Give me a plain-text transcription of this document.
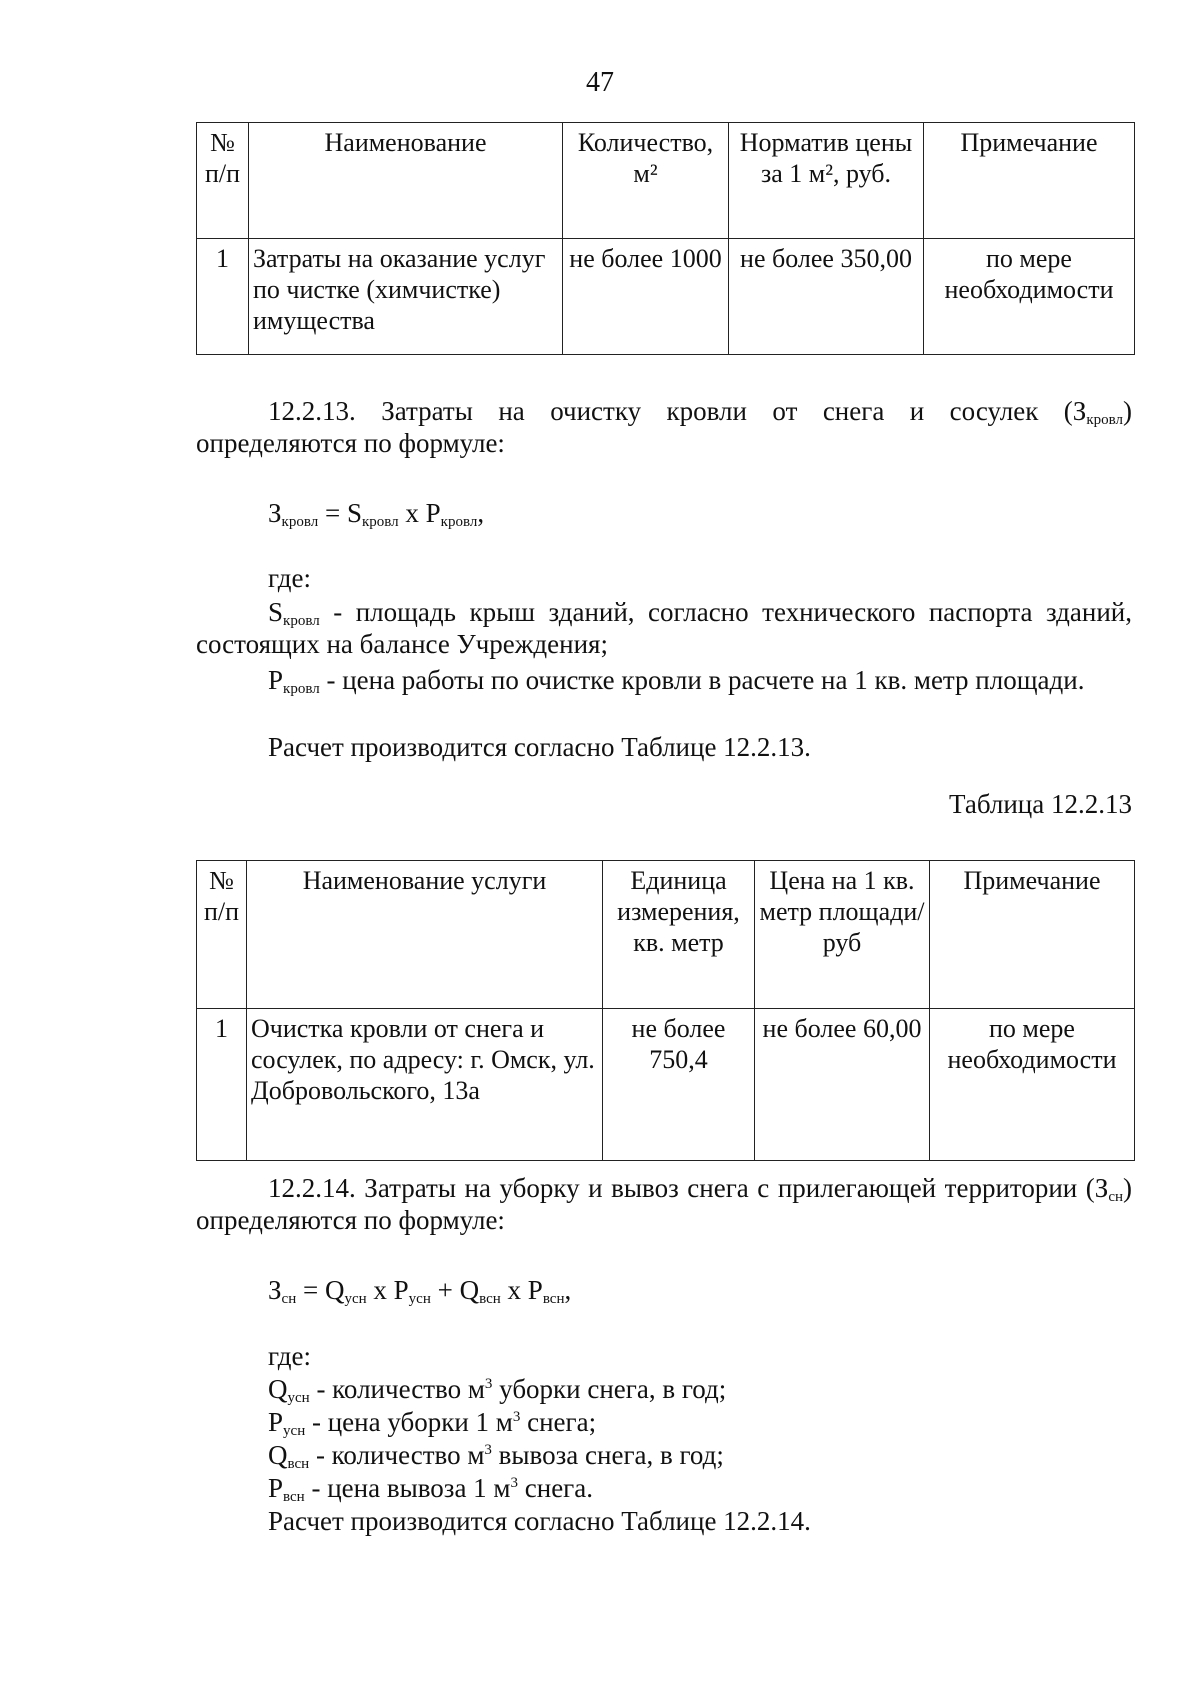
47
№ п/п	Наименование	Количество, м²	Норматив цены за 1 м², руб.	Примечание
1	Затраты на оказание услуг по чистке (химчистке) имущества	не более 1000	не более 350,00	по мере необходимости
12.2.13. Затраты на очистку кровли от снега и сосулек $(З_{кровл})$
определяются по формуле:
$З_{кровл} = S_{кровл}$ x $P_{кровл}$,
где:
$S_{кровл}$ - площадь крыш зданий, согласно технического паспорта зданий, состоящих на балансе Учреждения;
$P_{кровл}$ - цена работы по очистке кровли в расчете на 1 кв. метр площади.
Расчет производится согласно Таблице 12.2.13.
Таблица 12.2.13
№ п/п	Наименование услуги	Единица измерения, кв. метр	Цена на 1 кв. метр площади/руб	Примечание
1	Очистка кровли от снега и сосулек, по адресу: г. Омск, ул. Добровольского, 13а	не более 750,4	не более 60,00	по мере необходимости
12.2.14. Затраты на уборку и вывоз снега с прилегающей территории $(З_{сн})$ определяются по формуле:
$З_{сн} = Q_{усн}$ x $P_{усн} + Q_{всн}$ x $P_{всн}$,
где:
$Q_{усн}$ - количество $м^3$ уборки снега, в год;
$P_{усн}$ - цена уборки 1 $м^3$ снега;
$Q_{всн}$ - количество $м^3$ вывоза снега, в год;
$P_{всн}$ - цена вывоза 1 $м^3$ снега.
Расчет производится согласно Таблице 12.2.14.
